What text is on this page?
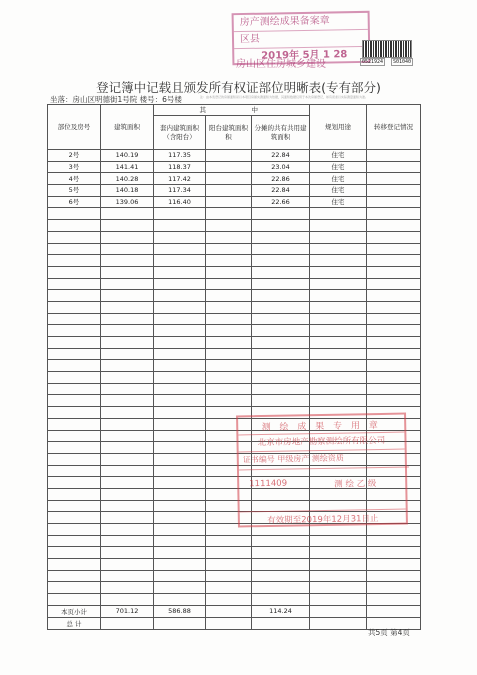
房产测绘成果备案章
区县
2019年 5月 1 28
房山区住房城乡建设	0521924	S01040
登记簿中记载且颁发所有权证部位明晰表(专有部分)
坐落：房山区明德街1号院 楼号：6号楼	注：由本表登记的房屋面积是以本项目房屋实测面积为依据，其面积数据仅用于本次房屋登记，如有误差以实际测量面积为准。
部位及房号	建筑面积	其		中	规划用途	转移登记情况
		套内建筑面积（含阳台）	阳台建筑面积积	分摊的共有共用建筑面积		
2号	140.19	117.35		22.84	住宅	
3号	141.41	118.37		23.04	住宅	
4号	140.28	117.42		22.86	住宅	
5号	140.18	117.34		22.84	住宅	
6号	139.06	116.40		22.66	住宅	

本页小计	701.12	586.88		114.24		
总 计						
测 绘 成 果 专 用 章
北京市房地产勘察测绘所有限公司
证书编号 甲级房产 测绘资质
1111409	测 绘 乙 级
有效期至2019年12月31日止
共5页 第4页
